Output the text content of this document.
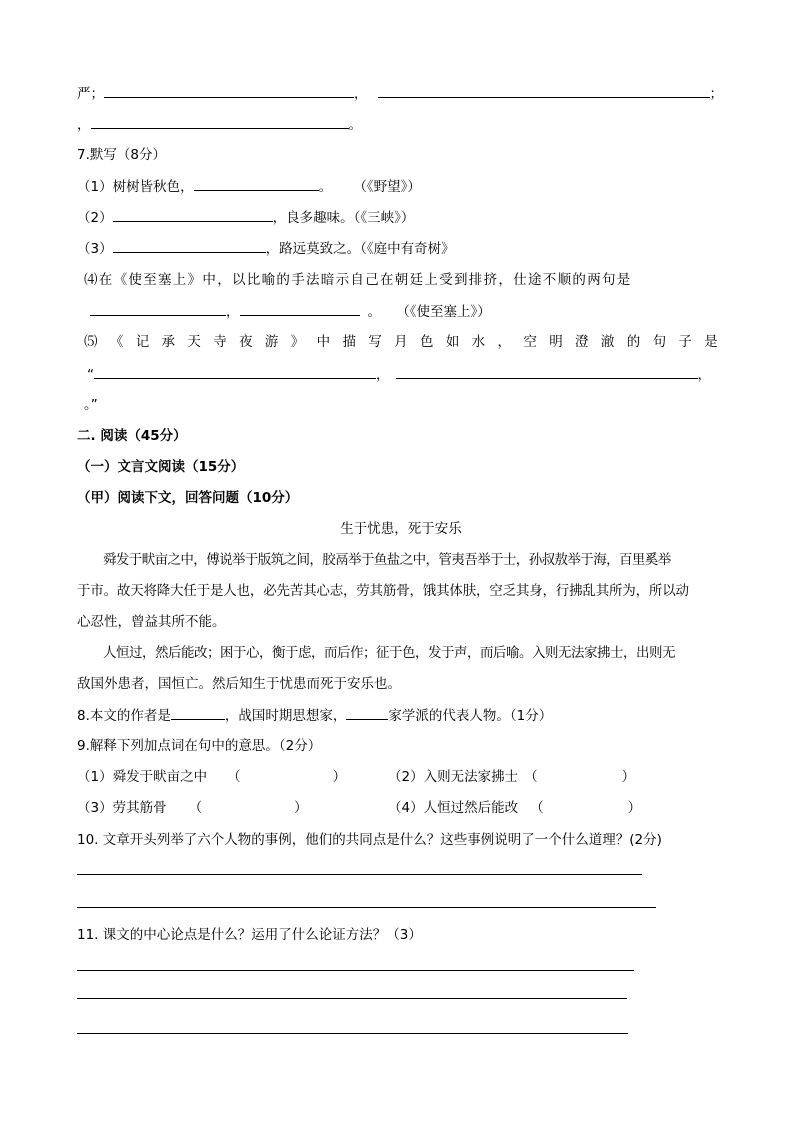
严；	，	；
，	。
7.默写（8分）
（1）树树皆秋色，	。 （《野望》）
（2）	，良多趣味。（《三峡》）
（3）	，路远莫致之。（《庭中有奇树》
⑷在《使至塞上》中，以比喻的手法暗示自己在朝廷上受到排挤，仕途不顺的两句是
，	。 （《使至塞上》）
⑸ 《 记 承 天 寺 夜 游 》 中 描 写 月 色 如 水 ， 空 明 澄 澈 的 句 子 是
“	，	，
。”
二. 阅读（45分）
（一）文言文阅读（15分）
（甲）阅读下文，回答问题（10分）
生于忧患，死于安乐
舜发于畎亩之中，傅说举于版筑之间，胶鬲举于鱼盐之中，管夷吾举于士，孙叔敖举于海，百里奚举
于市。故天将降大任于是人也，必先苦其心志，劳其筋骨，饿其体肤，空乏其身，行拂乱其所为，所以动
心忍性，曾益其所不能。
人恒过，然后能改；困于心，衡于虑，而后作；征于色，发于声，而后喻。入则无法家拂士，出则无
敌国外患者，国恒亡。然后知生于忧患而死于安乐也。
8.本文的作者是	，战国时期思想家，	家学派的代表人物。（1分）
9.解释下列加点词在句中的意思。（2分）
（1）舜发于畎亩之中 （	）	（2）入则无法家拂士 （	）
（3）劳其筋骨 （	）	（4）人恒过然后能改 （	）
10. 文章开头列举了六个人物的事例，他们的共同点是什么？这些事例说明了一个什么道理？(2分)
11. 课文的中心论点是什么？运用了什么论证方法？（3）
